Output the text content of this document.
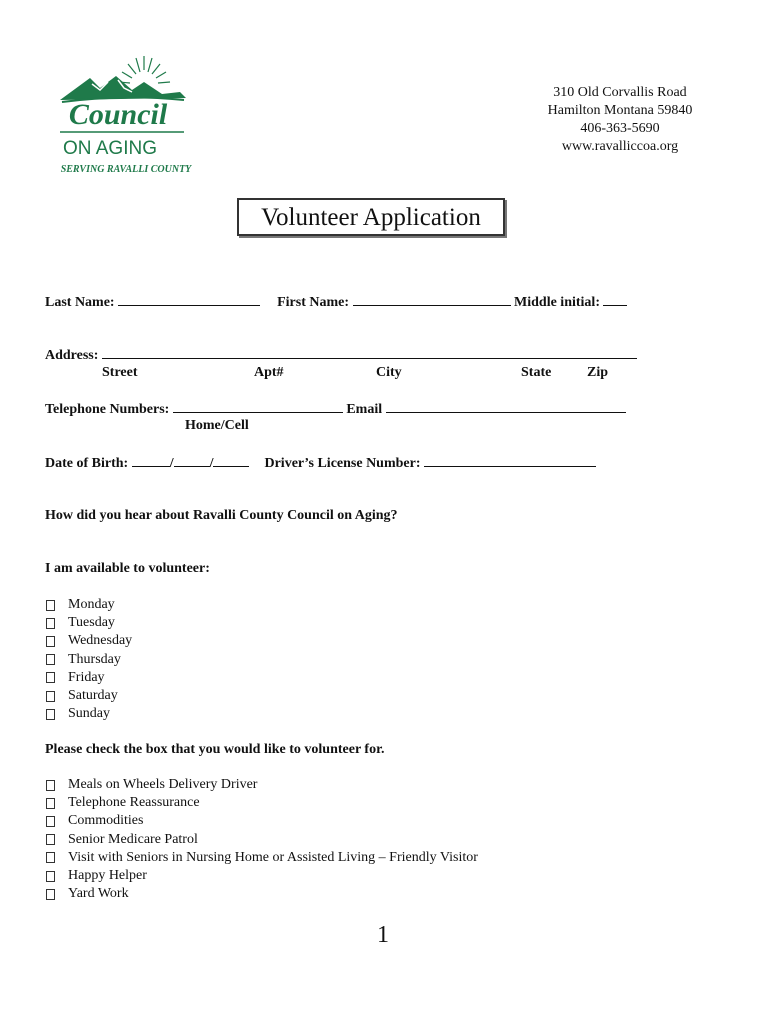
Council
ON AGING
SERVING RAVALLI COUNTY
310 Old Corvallis Road
Hamilton Montana 59840
406-363-5690
www.ravalliccoa.org
Volunteer Application
Last Name:	First Name:	Middle initial:
Address:
Street	Apt#	City	State	Zip
Telephone Numbers:	Email
Home/Cell
Date of Birth:	/	/	Driver’s License Number:
How did you hear about Ravalli County Council on Aging?
I am available to volunteer:
Monday
Tuesday
Wednesday
Thursday
Friday
Saturday
Sunday
Please check the box that you would like to volunteer for.
Meals on Wheels Delivery Driver
Telephone Reassurance
Commodities
Senior Medicare Patrol
Visit with Seniors in Nursing Home or Assisted Living – Friendly Visitor
Happy Helper
Yard Work
1
